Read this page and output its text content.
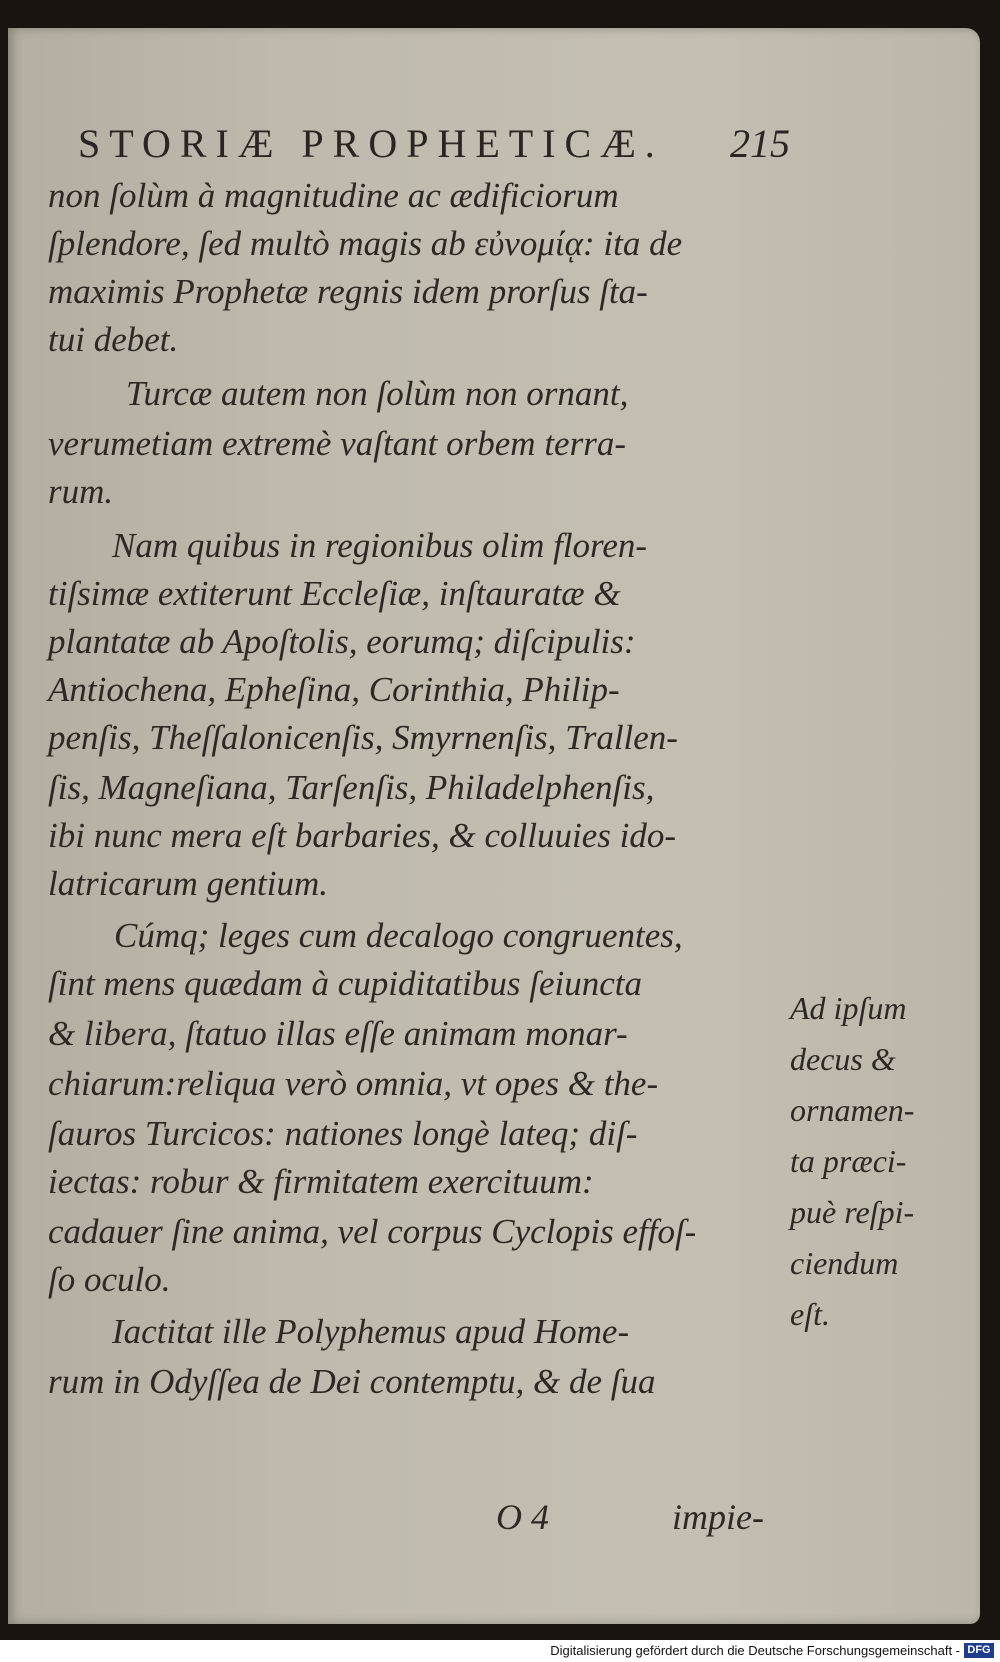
STORIÆ PROPHETICÆ.	215
non ſolùm à magnitudine ac ædificiorum
ſplendore, ſed multò magis ab εὐνομίᾳ: ita de
maximis Prophetæ regnis idem prorſus ſta-
tui debet.
Turcæ autem non ſolùm non ornant,
verumetiam extremè vaſtant orbem terra-
rum.
Nam quibus in regionibus olim floren-
tiſsimæ extiterunt Eccleſiæ, inſtauratæ &
plantatæ ab Apoſtolis, eorumq; diſcipulis:
Antiochena, Epheſina, Corinthia, Philip-
penſis, Theſſalonicenſis, Smyrnenſis, Trallen-
ſis, Magneſiana, Tarſenſis, Philadelphenſis,
ibi nunc mera eſt barbaries, & colluuies ido-
latricarum gentium.
Cúmq; leges cum decalogo congruentes,
ſint mens quædam à cupiditatibus ſeiuncta
& libera, ſtatuo illas eſſe animam monar-
chiarum:reliqua verò omnia, vt opes & the-
ſauros Turcicos: nationes longè lateq; diſ-
iectas: robur & firmitatem exercituum:
cadauer ſine anima, vel corpus Cyclopis effoſ-
ſo oculo.
Iactitat ille Polyphemus apud Home-
rum in Odyſſea de Dei contemptu, & de ſua
Ad ipſum
decus &
ornamen-
ta præci-
puè reſpi-
ciendum
eſt.
O 4	impie-
Digitalisierung gefördert durch die Deutsche Forschungsgemeinschaft - DFG
